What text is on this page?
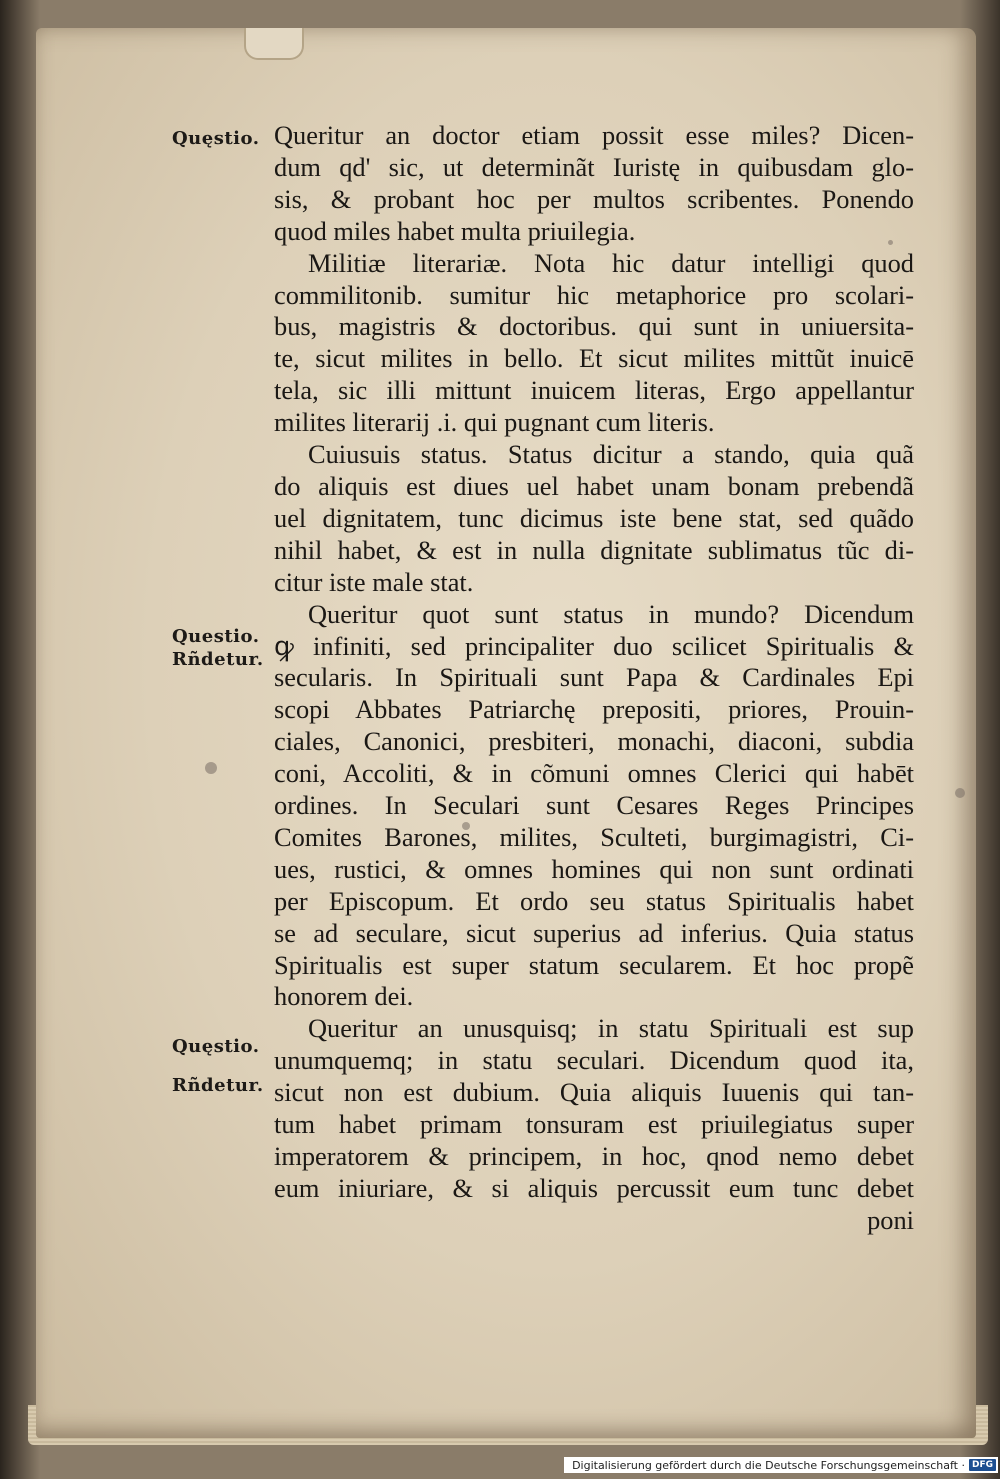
Quęstio.
Questio.
Rñdetur.
Quęstio.
Rñdetur.
Queritur an doctor etiam possit esse miles? Dicen-
dum qd' sic, ut determinãt Iuristę in quibusdam glo-
sis, & probant hoc per multos scribentes. Ponendo
quod miles habet multa priuilegia.
Militiæ literariæ. Nota hic datur intelligi quod
commilitonib. sumitur hic metaphorice pro scolari-
bus, magistris & doctoribus. qui sunt in uniuersita-
te, sicut milites in bello. Et sicut milites mittũt inuicē
tela, sic illi mittunt inuicem literas, Ergo appellantur
milites literarij .i. qui pugnant cum literis.
Cuiusuis status. Status dicitur a stando, quia quã
do aliquis est diues uel habet unam bonam prebendã
uel dignitatem, tunc dicimus iste bene stat, sed quãdo
nihil habet, & est in nulla dignitate sublimatus tũc di-
citur iste male stat.
Queritur quot sunt status in mundo? Dicendum
ꝙ infiniti, sed principaliter duo scilicet Spiritualis &
secularis. In Spirituali sunt Papa & Cardinales Epi
scopi Abbates Patriarchę prepositi, priores, Prouin-
ciales, Canonici, presbiteri, monachi, diaconi, subdia
coni, Accoliti, & in cõmuni omnes Clerici qui habēt
ordines. In Seculari sunt Cesares Reges Principes
Comites Barones, milites, Sculteti, burgimagistri, Ci-
ues, rustici, & omnes homines qui non sunt ordinati
per Episcopum. Et ordo seu status Spiritualis habet
se ad seculare, sicut superius ad inferius. Quia status
Spiritualis est super statum secularem. Et hoc propẽ
honorem dei.
Queritur an unusquisq; in statu Spirituali est sup
unumquemq; in statu seculari. Dicendum quod ita,
sicut non est dubium. Quia aliquis Iuuenis qui tan-
tum habet primam tonsuram est priuilegiatus super
imperatorem & principem, in hoc, qnod nemo debet
eum iniuriare, & si aliquis percussit eum tunc debet
poni
Digitalisierung gefördert durch die Deutsche Forschungsgemeinschaft · DFG
